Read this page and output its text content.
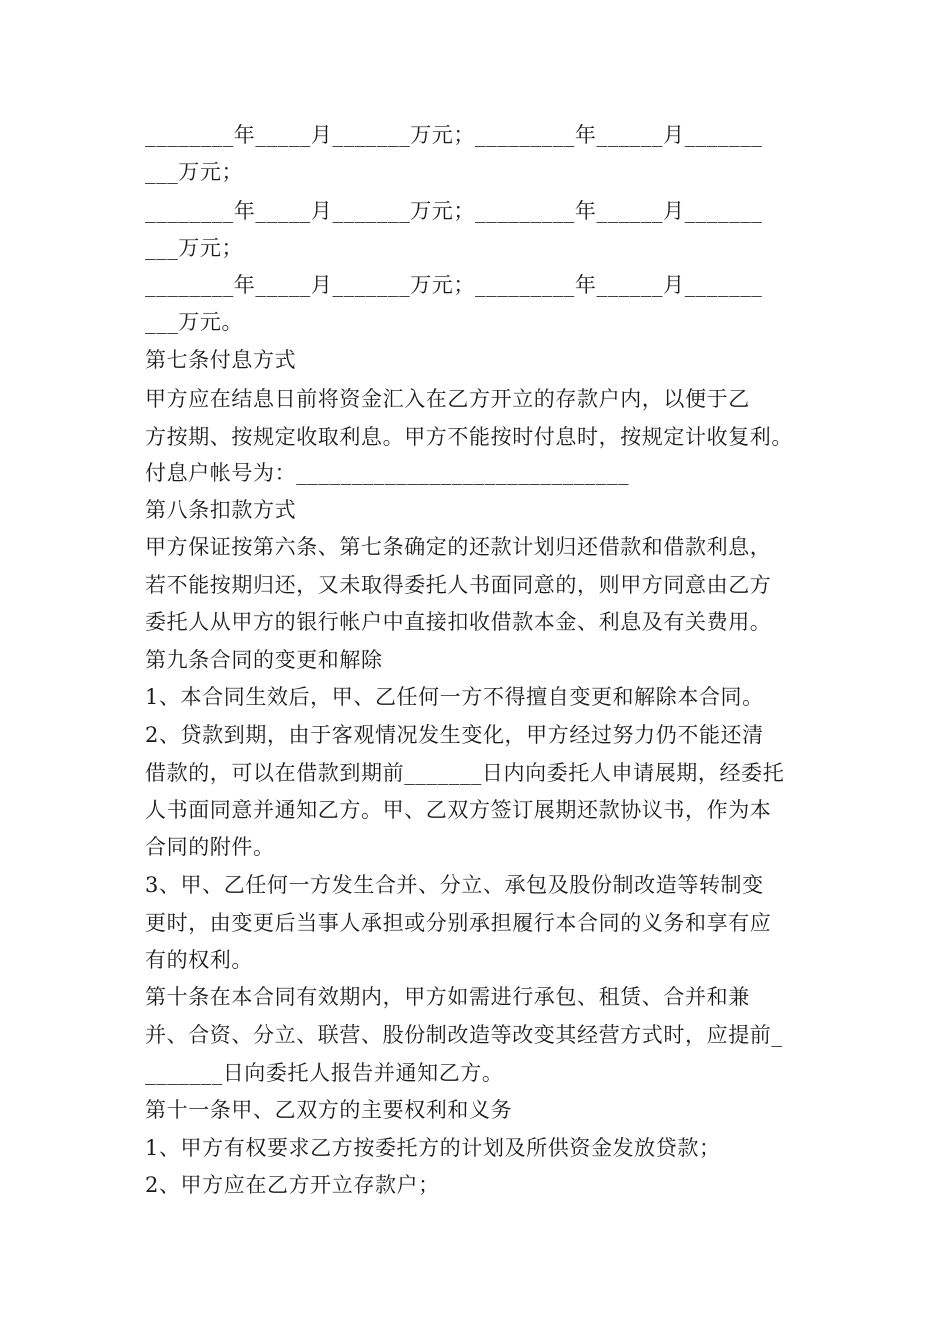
________年_____月_______万元；_________年______月_______
___万元；
________年_____月_______万元；_________年______月_______
___万元；
________年_____月_______万元；_________年______月_______
___万元。
第七条付息方式
甲方应在结息日前将资金汇入在乙方开立的存款户内，以便于乙
方按期、按规定收取利息。甲方不能按时付息时，按规定计收复利。
付息户帐号为：______________________________
第八条扣款方式
甲方保证按第六条、第七条确定的还款计划归还借款和借款利息，
若不能按期归还，又未取得委托人书面同意的，则甲方同意由乙方
委托人从甲方的银行帐户中直接扣收借款本金、利息及有关费用。
第九条合同的变更和解除
1、本合同生效后，甲、乙任何一方不得擅自变更和解除本合同。
2、贷款到期，由于客观情况发生变化，甲方经过努力仍不能还清
借款的，可以在借款到期前_______日内向委托人申请展期，经委托
人书面同意并通知乙方。甲、乙双方签订展期还款协议书，作为本
合同的附件。
3、甲、乙任何一方发生合并、分立、承包及股份制改造等转制变
更时，由变更后当事人承担或分别承担履行本合同的义务和享有应
有的权利。
第十条在本合同有效期内，甲方如需进行承包、租赁、合并和兼
并、合资、分立、联营、股份制改造等改变其经营方式时，应提前_
_______日向委托人报告并通知乙方。
第十一条甲、乙双方的主要权利和义务
1、甲方有权要求乙方按委托方的计划及所供资金发放贷款；
2、甲方应在乙方开立存款户；
